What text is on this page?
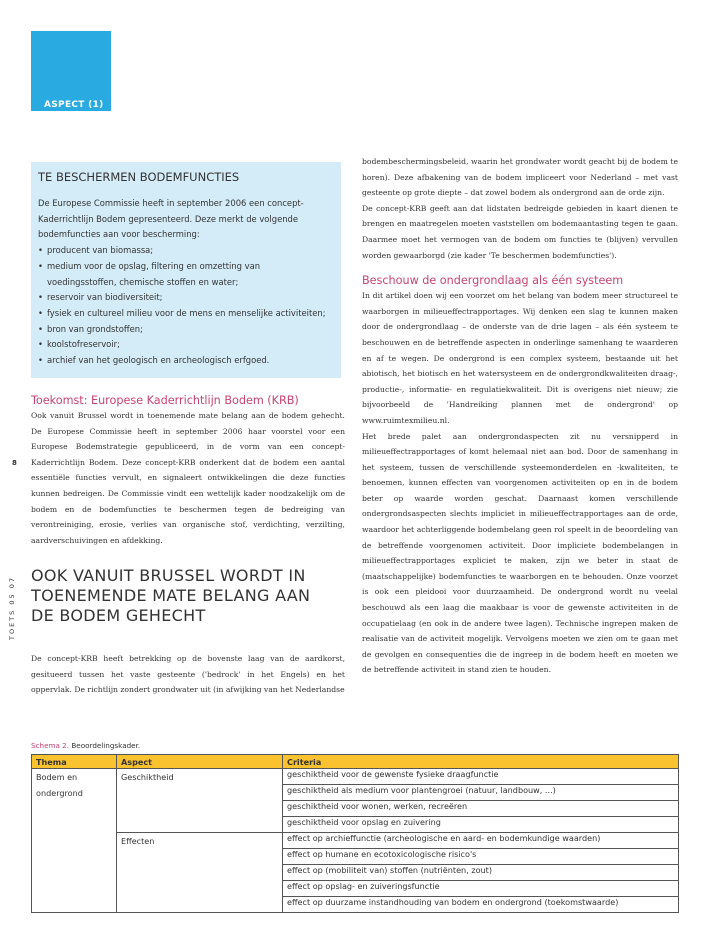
ASPECT (1)
TE BESCHERMEN BODEMFUNCTIES

De Europese Commissie heeft in september 2006 een concept-Kaderrichtlijn Bodem gepresenteerd. Deze merkt de volgende bodemfuncties aan voor bescherming:

• producent van biomassa;
• medium voor de opslag, filtering en omzetting van voedingsstoffen, chemische stoffen en water;
• reservoir van biodiversiteit;
• fysiek en cultureel milieu voor de mens en menselijke activiteiten;
• bron van grondstoffen;
• koolstofreservoir;
• archief van het geologisch en archeologisch erfgoed.
Toekomst: Europese Kaderrichtlijn Bodem (KRB)

Ook vanuit Brussel wordt in toenemende mate belang aan de bodem gehecht. De Europese Commissie heeft in september 2006 haar voorstel voor een Europese Bodemstrategie gepubliceerd, in de vorm van een concept-Kaderrichtlijn Bodem. Deze concept-KRB onderkent dat de bodem een aantal essentiële functies vervult, en signaleert ontwikkelingen die deze functies kunnen bedreigen. De Commissie vindt een wettelijk kader noodzakelijk om de bodem en de bodemfuncties te beschermen tegen de bedreiging van verontreiniging, erosie, verlies van organische stof, verdichting, verzilting, aardverschuivingen en afdekking.

8
TOETS 05 07
OOK VANUIT BRUSSEL WORDT IN TOENEMENDE MATE BELANG AAN DE BODEM GEHECHT

De concept-KRB heeft betrekking op de bovenste laag van de aardkorst, gesitueerd tussen het vaste gesteente ('bedrock' in het Engels) en het oppervlak. De richtlijn zondert grondwater uit (in afwijking van het Nederlandse

bodembeschermingsbeleid, waarin het grondwater wordt geacht bij de bodem te horen). Deze afbakening van de bodem impliceert voor Nederland – met vast gesteente op grote diepte – dat zowel bodem als ondergrond aan de orde zijn.

De concept-KRB geeft aan dat lidstaten bedreigde gebieden in kaart dienen te brengen en maatregelen moeten vaststellen om bodemaantasting tegen te gaan. Daarmee moet het vermogen van de bodem om functies te (blijven) vervullen worden gewaarborgd (zie kader 'Te beschermen bodemfuncties').

Beschouw de ondergrondlaag als één systeem

In dit artikel doen wij een voorzet om het belang van bodem meer structureel te waarborgen in milieueffectrapportages. Wij denken een slag te kunnen maken door de ondergrondlaag – de onderste van de drie lagen – als één systeem te beschouwen en de betreffende aspecten in onderlinge samenhang te waarderen en af te wegen. De ondergrond is een complex systeem, bestaande uit het abiotisch, het biotisch en het watersysteem en de ondergrondkwaliteiten draag-, productie-, informatie- en regulatiekwaliteit. Dit is overigens niet nieuw; zie bijvoorbeeld de 'Handreiking plannen met de ondergrond' op www.ruimtexmilieu.nl.

Het brede palet aan ondergrondaspecten zit nu versnipperd in milieueffectrapportages of komt helemaal niet aan bod. Door de samenhang in het systeem, tussen de verschillende systeemonderdelen en -kwaliteiten, te benoemen, kunnen effecten van voorgenomen activiteiten op en in de bodem beter op waarde worden geschat. Daarnaast komen verschillende ondergrondsaspecten slechts impliciet in milieueffectrapportages aan de orde, waardoor het achterliggende bodembelang geen rol speelt in de beoordeling van de betreffende voorgenomen activiteit. Door impliciete bodembelangen in milieueffectrapportages expliciet te maken, zijn we beter in staat de (maatschappelijke) bodemfuncties te waarborgen en te behouden. Onze voorzet is ook een pleidooi voor duurzaamheid. De ondergrond wordt nu veelal beschouwd als een laag die maakbaar is voor de gewenste activiteiten in de occupatielaag (en ook in de andere twee lagen). Technische ingrepen maken de realisatie van de activiteit mogelijk. Vervolgens moeten we zien om te gaan met de gevolgen en consequenties die de ingreep in de bodem heeft en moeten we de betreffende activiteit in stand zien te houden.

Schema 2. Beoordelingskader.
Thema	Aspect	Criteria
Bodem en ondergrond	Geschiktheid	geschiktheid voor de gewenste fysieke draagfunctie
		geschiktheid als medium voor plantengroei (natuur, landbouw, ...)
		geschiktheid voor wonen, werken, recreëren
		geschiktheid voor opslag en zuivering
	Effecten	effect op archieffunctie (archeologische en aard- en bodemkundige waarden)
		effect op humane en ecotoxicologische risico's
		effect op (mobiliteit van) stoffen (nutriënten, zout)
		effect op opslag- en zuiveringsfunctie
		effect op duurzame instandhouding van bodem en ondergrond (toekomstwaarde)
